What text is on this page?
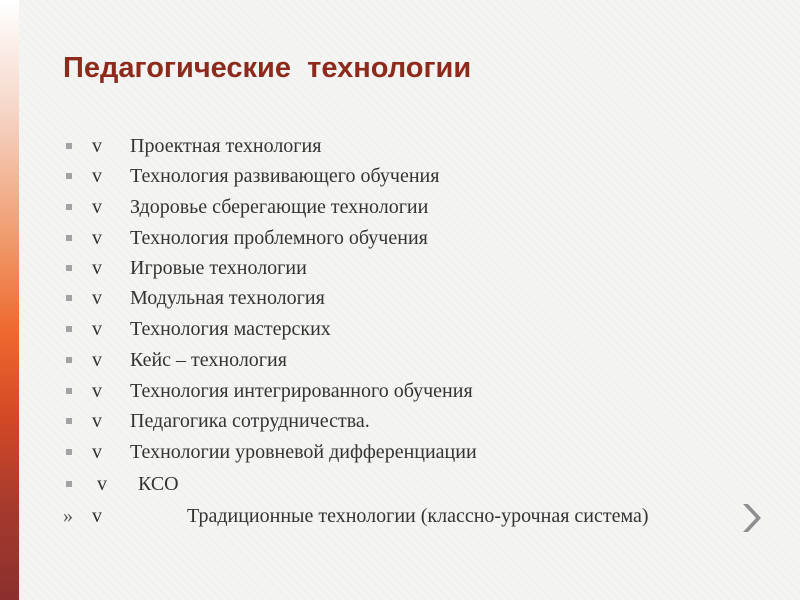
Педагогические  технологии
v Проектная технология
v Технология развивающего обучения
v Здоровье сберегающие технологии
v Технология проблемного обучения
v Игровые технологии
v Модульная технология
v Технология мастерских
v Кейс – технология
v Технология интегрированного обучения
v Педагогика сотрудничества.
v Технологии уровневой дифференциации
v КСО
» v	Традиционные технологии (классно-урочная система)
